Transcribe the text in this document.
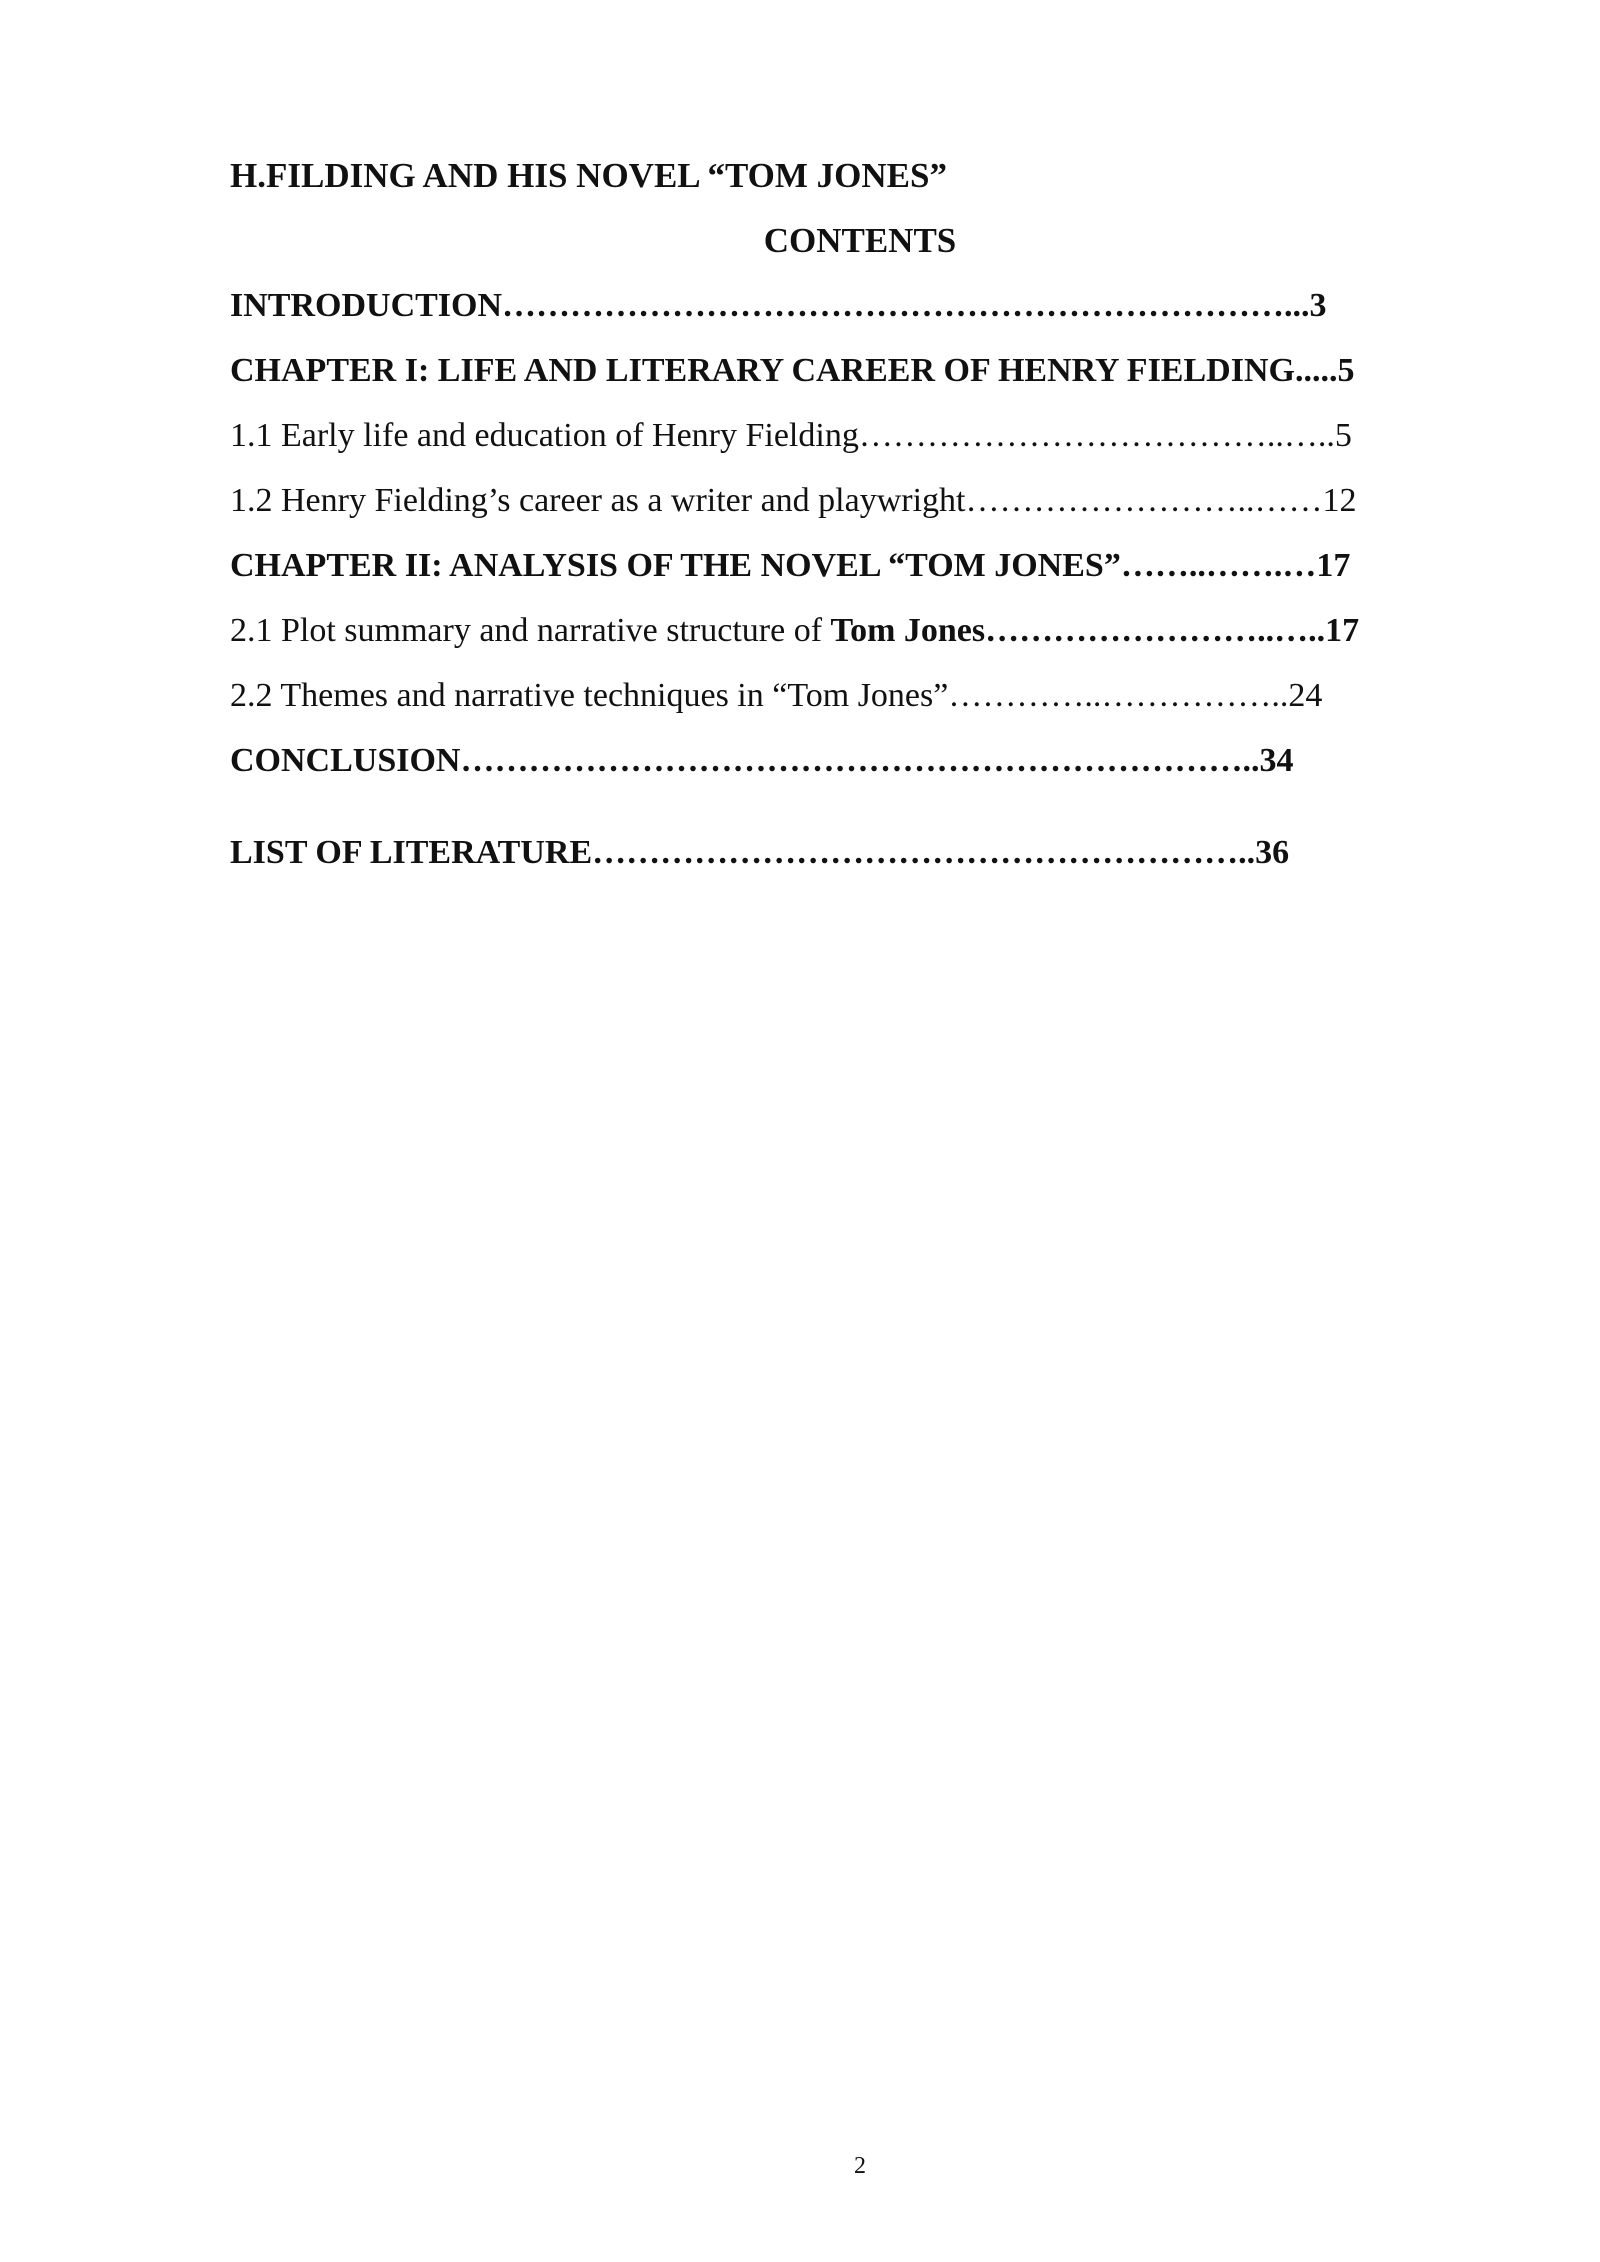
H.FILDING AND HIS NOVEL “TOM JONES”
CONTENTS
INTRODUCTION……………………………………………………………...3
CHAPTER I: LIFE AND LITERARY CAREER OF HENRY FIELDING.....5
1.1 Early life and education of Henry Fielding………………………………..…..5
1.2 Henry Fielding’s career as a writer and playwright……………………..……12
CHAPTER II: ANALYSIS OF THE NOVEL “TOM JONES”……..…….…17
2.1 Plot summary and narrative structure of Tom Jones……………………..…..17
2.2 Themes and narrative techniques in “Tom Jones”…………..……………..24
CONCLUSION……………………………………………………………..34
LIST OF LITERATURE…………………………………………………..36
2
